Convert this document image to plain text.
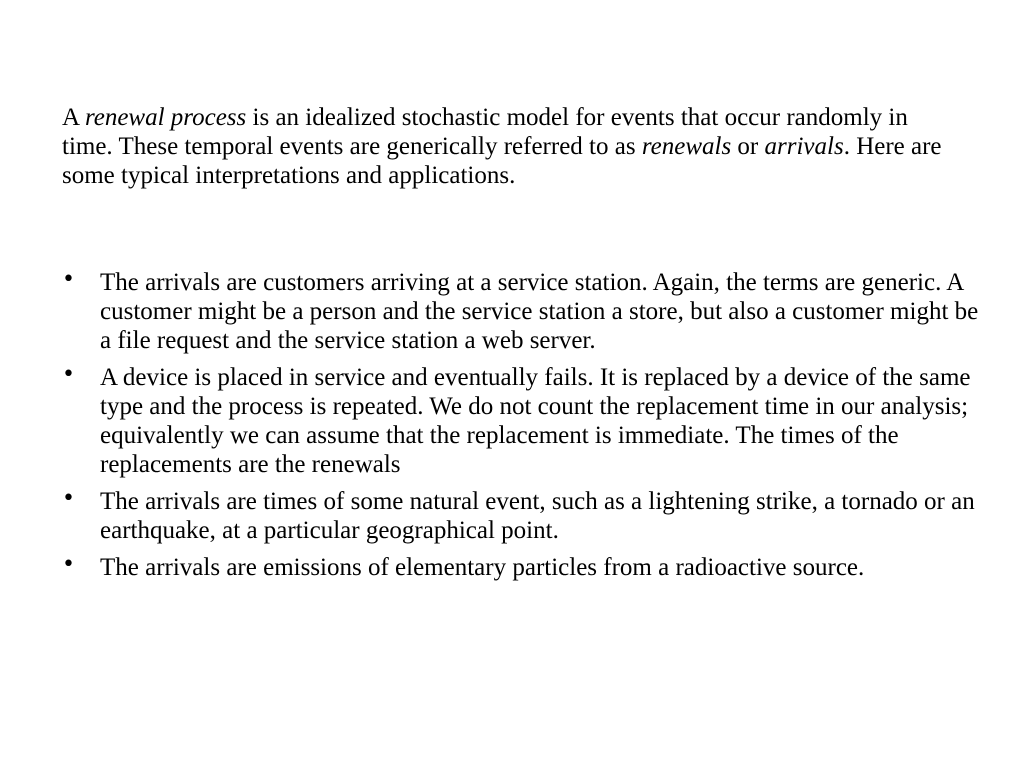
A renewal process is an idealized stochastic model for events that occur randomly in time. These temporal events are generically referred to as renewals or arrivals. Here are some typical interpretations and applications.

• The arrivals are customers arriving at a service station. Again, the terms are generic. A customer might be a person and the service station a store, but also a customer might be a file request and the service station a web server.
• A device is placed in service and eventually fails. It is replaced by a device of the same type and the process is repeated. We do not count the replacement time in our analysis; equivalently we can assume that the replacement is immediate. The times of the replacements are the renewals
• The arrivals are times of some natural event, such as a lightening strike, a tornado or an earthquake, at a particular geographical point.
• The arrivals are emissions of elementary particles from a radioactive source.
